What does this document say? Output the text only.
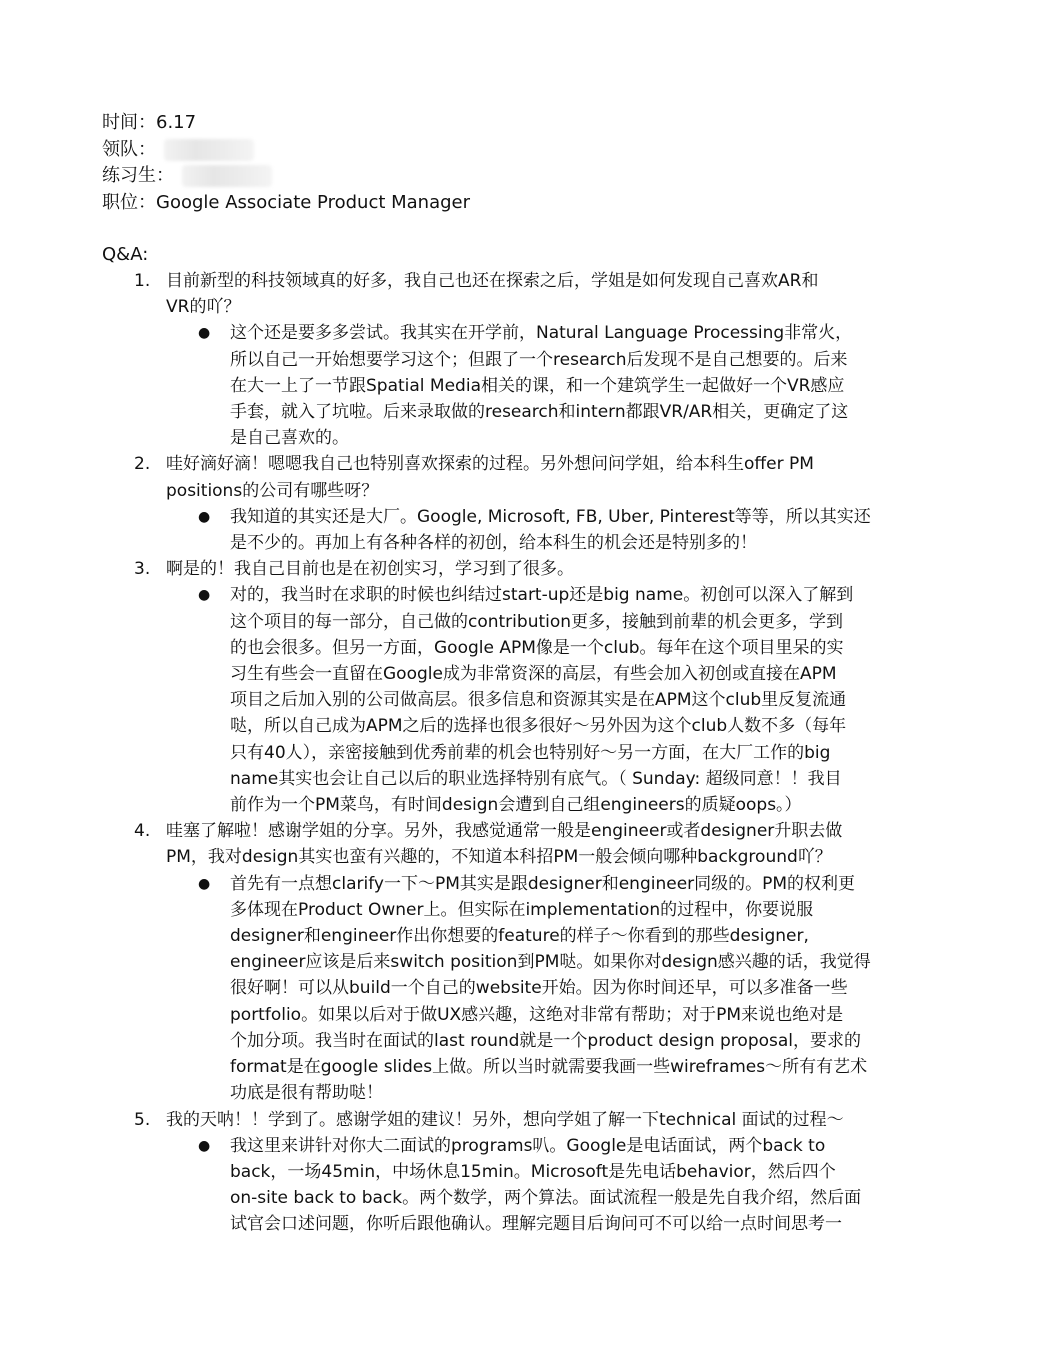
时间：6.17
领队：
练习生：
职位：Google Associate Product Manager
Q&A:
1. 目前新型的科技领域真的好多，我自己也还在探索之后，学姐是如何发现自己喜欢AR和
VR的吖？
● 这个还是要多多尝试。我其实在开学前，Natural Language Processing非常火，
所以自己一开始想要学习这个；但跟了一个research后发现不是自己想要的。后来
在大一上了一节跟Spatial Media相关的课，和一个建筑学生一起做好一个VR感应
手套，就入了坑啦。后来录取做的research和intern都跟VR/AR相关，更确定了这
是自己喜欢的。
2. 哇好滴好滴！嗯嗯我自己也特别喜欢探索的过程。另外想问问学姐，给本科生offer PM
positions的公司有哪些呀？
● 我知道的其实还是大厂。Google, Microsoft, FB, Uber, Pinterest等等，所以其实还
是不少的。再加上有各种各样的初创，给本科生的机会还是特别多的！
3. 啊是的！我自己目前也是在初创实习，学习到了很多。
● 对的，我当时在求职的时候也纠结过start-up还是big name。初创可以深入了解到
这个项目的每一部分，自己做的contribution更多，接触到前辈的机会更多，学到
的也会很多。但另一方面，Google APM像是一个club。每年在这个项目里呆的实
习生有些会一直留在Google成为非常资深的高层，有些会加入初创或直接在APM
项目之后加入别的公司做高层。很多信息和资源其实是在APM这个club里反复流通
哒，所以自己成为APM之后的选择也很多很好～另外因为这个club人数不多（每年
只有40人），亲密接触到优秀前辈的机会也特别好～另一方面，在大厂工作的big
name其实也会让自己以后的职业选择特别有底气。（ Sunday: 超级同意！！我目
前作为一个PM菜鸟，有时间design会遭到自己组engineers的质疑oops。）
4. 哇塞了解啦！感谢学姐的分享。另外，我感觉通常一般是engineer或者designer升职去做
PM，我对design其实也蛮有兴趣的，不知道本科招PM一般会倾向哪种background吖？
● 首先有一点想clarify一下～PM其实是跟designer和engineer同级的。PM的权利更
多体现在Product Owner上。但实际在implementation的过程中，你要说服
designer和engineer作出你想要的feature的样子～你看到的那些designer,
engineer应该是后来switch position到PM哒。如果你对design感兴趣的话，我觉得
很好啊！可以从build一个自己的website开始。因为你时间还早，可以多准备一些
portfolio。如果以后对于做UX感兴趣，这绝对非常有帮助；对于PM来说也绝对是
个加分项。我当时在面试的last round就是一个product design proposal，要求的
format是在google slides上做。所以当时就需要我画一些wireframes～所有有艺术
功底是很有帮助哒！
5. 我的天呐！！学到了。感谢学姐的建议！另外，想向学姐了解一下technical 面试的过程～
● 我这里来讲针对你大二面试的programs叭。Google是电话面试，两个back to
back，一场45min，中场休息15min。Microsoft是先电话behavior，然后四个
on-site back to back。两个数学，两个算法。面试流程一般是先自我介绍，然后面
试官会口述问题，你听后跟他确认。理解完题目后询问可不可以给一点时间思考一
